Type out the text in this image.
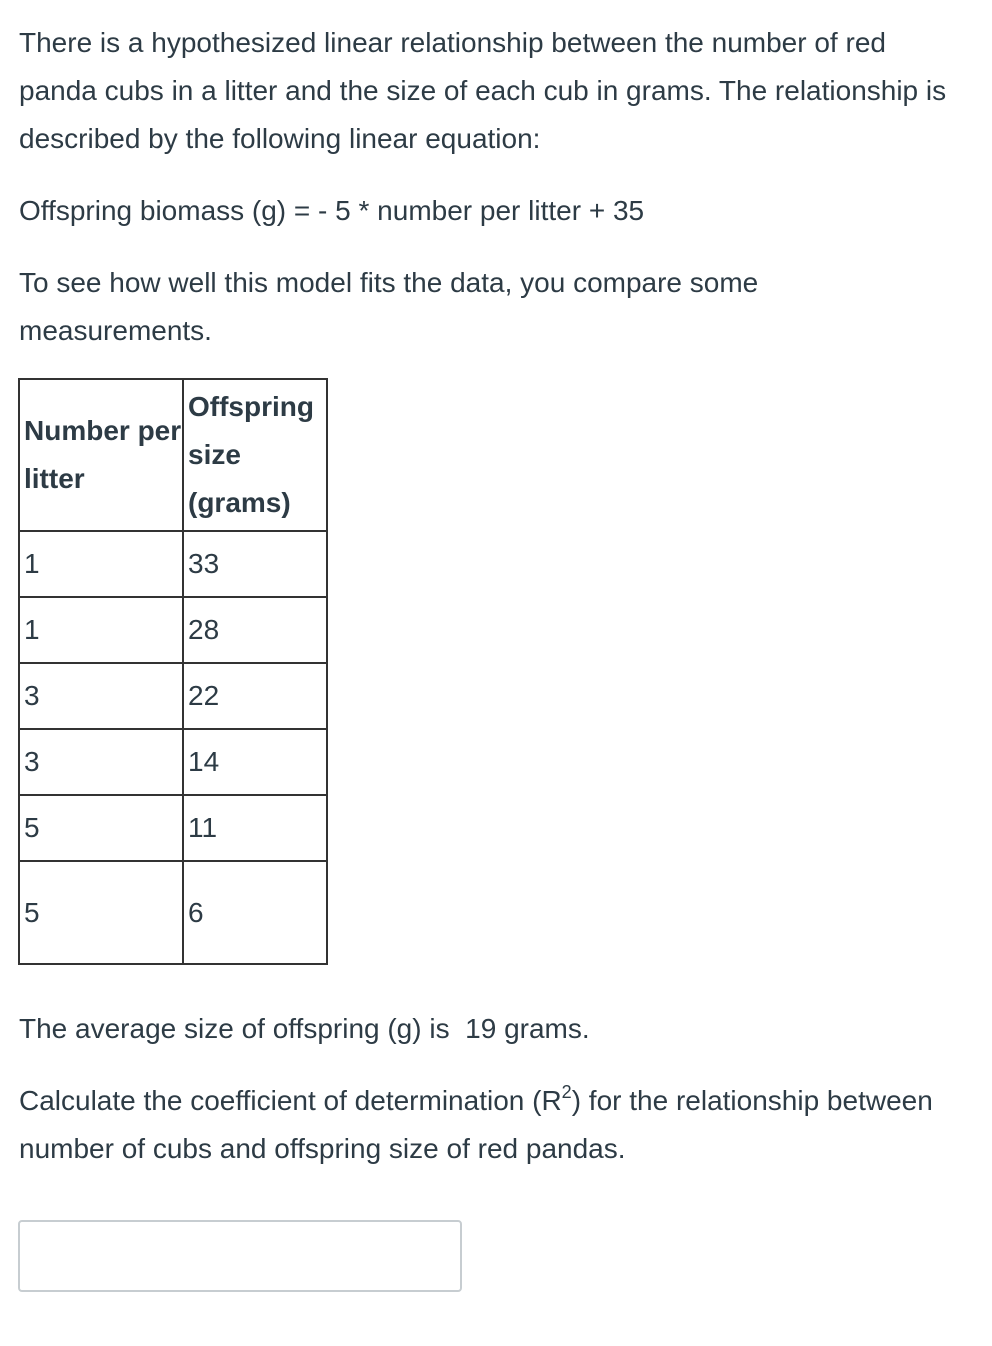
There is a hypothesized linear relationship between the number of red panda cubs in a litter and the size of each cub in grams. The relationship is described by the following linear equation:

Offspring biomass (g) = - 5 * number per litter + 35

To see how well this model fits the data, you compare some measurements.

The average size of offspring (g) is  19 grams.

Calculate the coefficient of determination $(R^2)$ for the relationship between number of cubs and offspring size of red pandas.

Number per litter	Offspring size (grams)
1	33
1	28
3	22
3	14
5	11
5	6
